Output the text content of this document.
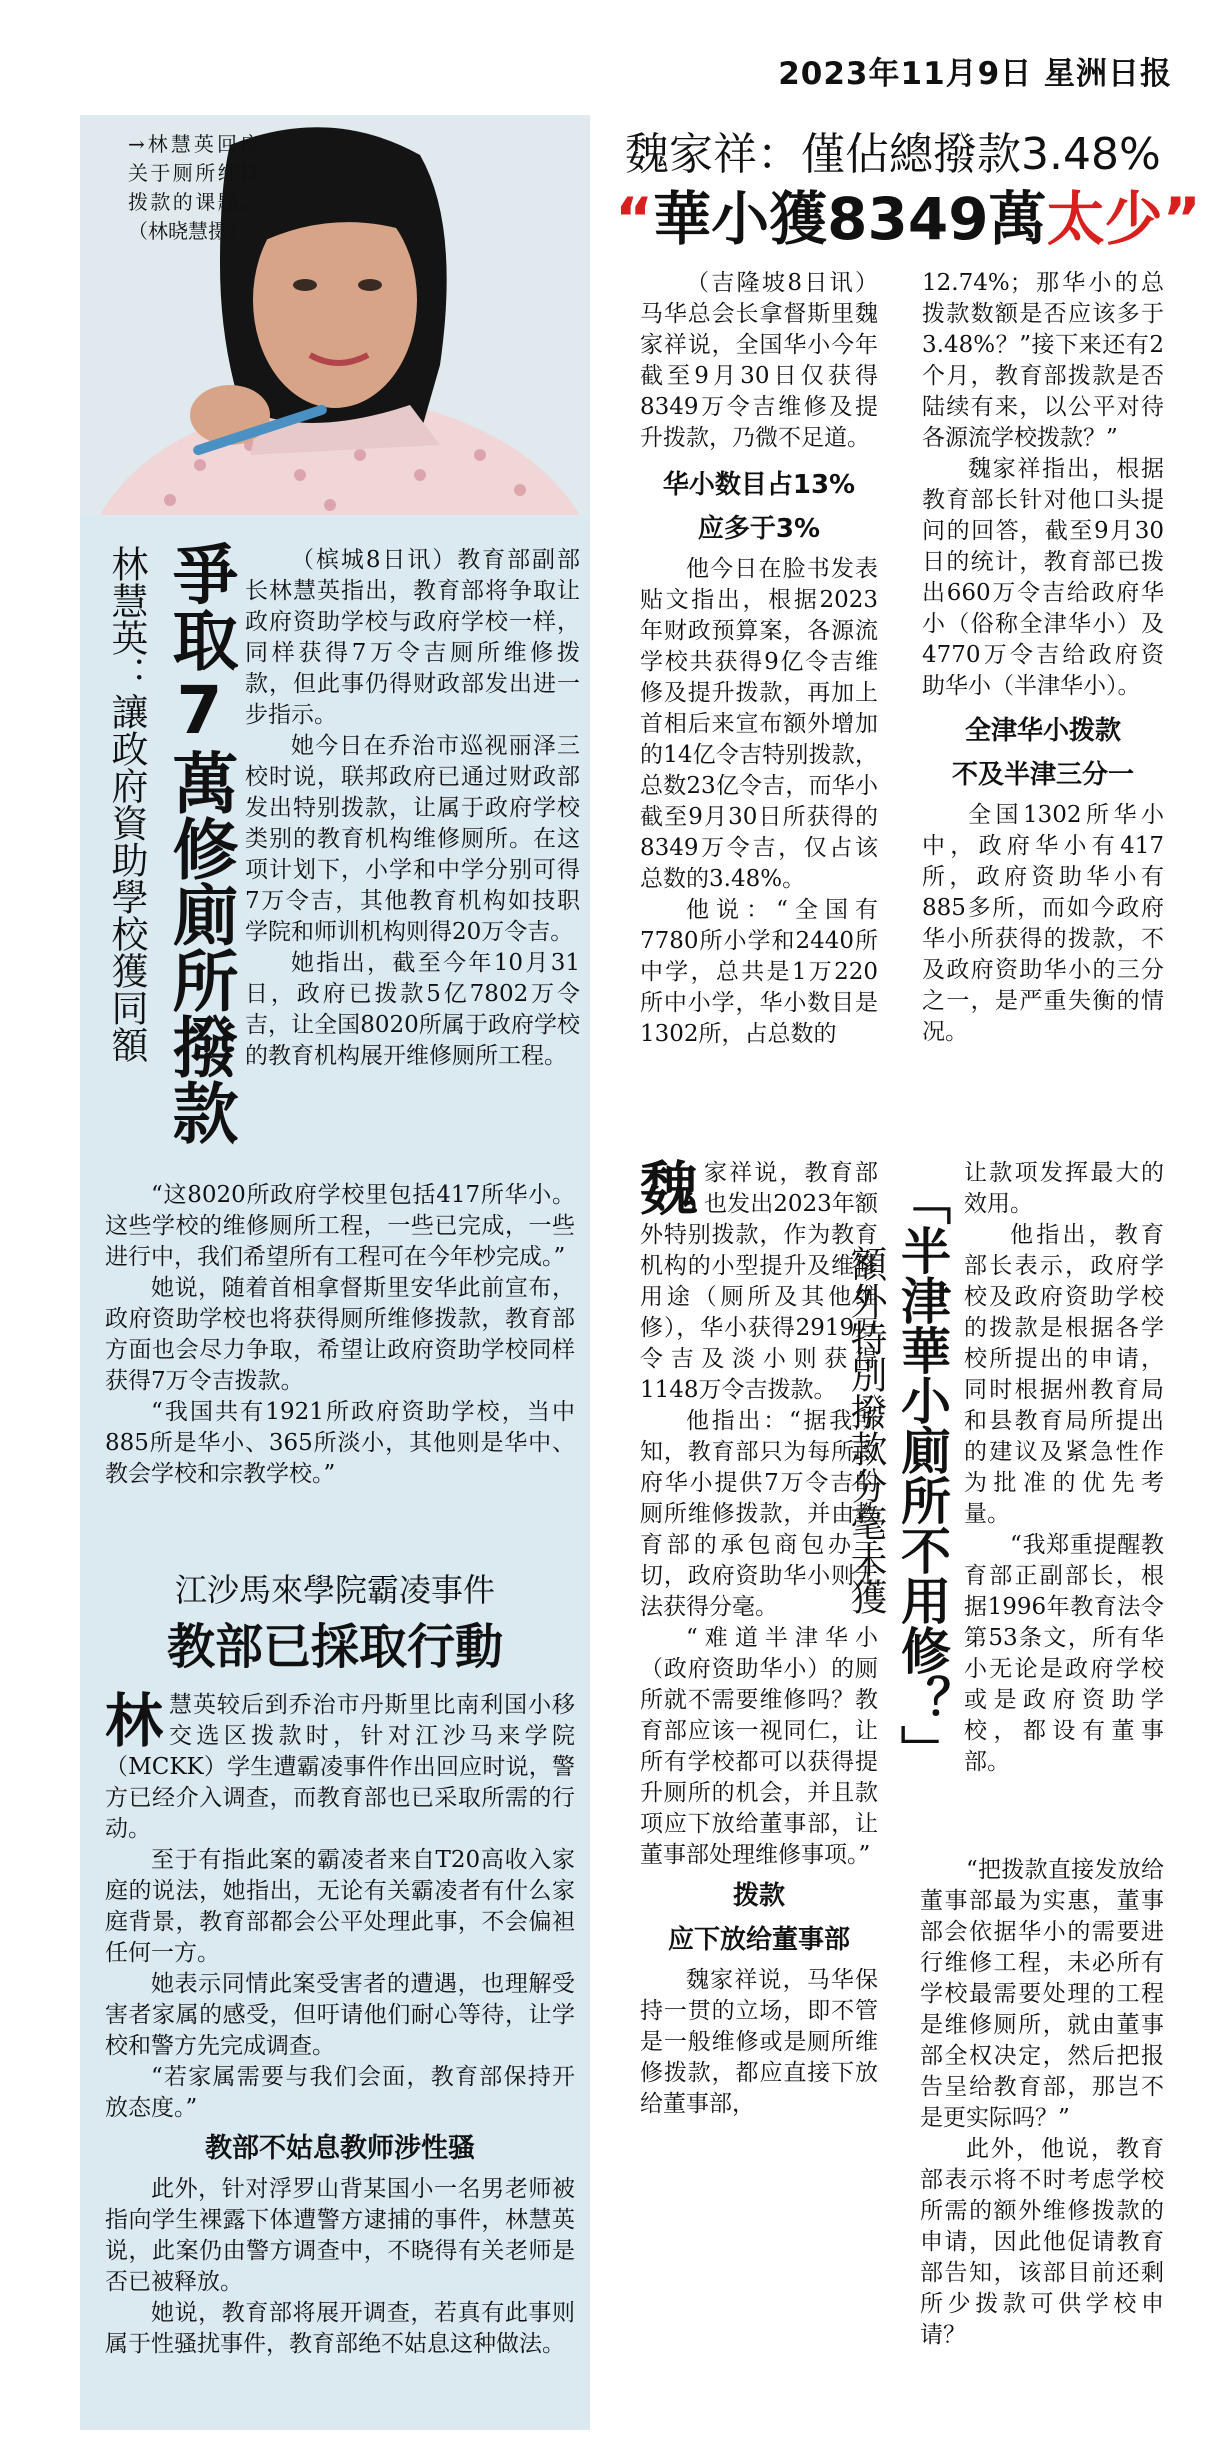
2023年11月9日 星洲日报
→林慧英回应关于厕所维修拨款的课题。（林晓慧摄）
林慧英：讓政府資助學校獲同額 爭取7萬修廁所撥款	（槟城8日讯）教育部副部长林慧英指出，教育部将争取让政府资助学校与政府学校一样，同样获得7万令吉厕所维修拨款，但此事仍得财政部发出进一步指示。

她今日在乔治市巡视丽泽三校时说，联邦政府已通过财政部发出特别拨款，让属于政府学校类别的教育机构维修厕所。在这项计划下，小学和中学分别可得7万令吉，其他教育机构如技职学院和师训机构则得20万令吉。

她指出，截至今年10月31日，政府已拨款5亿7802万令吉，让全国8020所属于政府学校的教育机构展开维修厕所工程。

“这8020所政府学校里包括417所华小。这些学校的维修厕所工程，一些已完成，一些进行中，我们希望所有工程可在今年杪完成。”

她说，随着首相拿督斯里安华此前宣布，政府资助学校也将获得厕所维修拨款，教育部方面也会尽力争取，希望让政府资助学校同样获得7万令吉拨款。

“我国共有1921所政府资助学校，当中885所是华小、365所淡小，其他则是华中、教会学校和宗教学校。”

江沙馬來學院霸凌事件
教部已採取行動

林慧英较后到乔治市丹斯里比南利国小移交选区拨款时，针对江沙马来学院（MCKK）学生遭霸凌事件作出回应时说，警方已经介入调查，而教育部也已采取所需的行动。

至于有指此案的霸凌者来自T20高收入家庭的说法，她指出，无论有关霸凌者有什么家庭背景，教育部都会公平处理此事，不会偏袒任何一方。

她表示同情此案受害者的遭遇，也理解受害者家属的感受，但吁请他们耐心等待，让学校和警方先完成调查。

“若家属需要与我们会面，教育部保持开放态度。”

教部不姑息教师涉性骚

此外，针对浮罗山背某国小一名男老师被指向学生裸露下体遭警方逮捕的事件，林慧英说，此案仍由警方调查中，不晓得有关老师是否已被释放。

她说，教育部将展开调查，若真有此事则属于性骚扰事件，教育部绝不姑息这种做法。

魏家祥：僅佔總撥款3.48%
“華小獲8349萬太少”

（吉隆坡8日讯）马华总会长拿督斯里魏家祥说，全国华小今年截至9月30日仅获得8349万令吉维修及提升拨款，乃微不足道。

华小数目占13%
应多于3%

他今日在脸书发表贴文指出，根据2023年财政预算案，各源流学校共获得9亿令吉维修及提升拨款，再加上首相后来宣布额外增加的14亿令吉特别拨款，总数23亿令吉，而华小截至9月30日所获得的8349万令吉，仅占该总数的3.48%。

他说：“全国有7780所小学和2440所中学，总共是1万220所中小学，华小数目是1302所，占总数的

12.74%；那华小的总拨款数额是否应该多于3.48%？”接下来还有2个月，教育部拨款是否陆续有来，以公平对待各源流学校拨款？”

魏家祥指出，根据教育部长针对他口头提问的回答，截至9月30日的统计，教育部已拨出660万令吉给政府华小（俗称全津华小）及4770万令吉给政府资助华小（半津华小）。

全津华小拨款
不及半津三分一

全国1302所华小中，政府华小有417所，政府资助华小有885多所，而如今政府华小所获得的拨款，不及政府资助华小的三分之一，是严重失衡的情况。

魏家祥说，教育部也发出2023年额外特别拨款，作为教育机构的小型提升及维修用途（厕所及其他维修），华小获得2919万令吉及淡小则获得1148万令吉拨款。

他指出：“据我所知，教育部只为每所政府华小提供7万令吉的厕所维修拨款，并由教育部的承包商包办一切，政府资助华小则无法获得分毫。

“难道半津华小（政府资助华小）的厕所就不需要维修吗？教育部应该一视同仁，让所有学校都可以获得提升厕所的机会，并且款项应下放给董事部，让董事部处理维修事项。”

拨款
应下放给董事部

魏家祥说，马华保持一贯的立场，即不管是一般维修或是厕所维修拨款，都应直接下放给董事部，

額外特別撥款分毫未獲 「半津華小廁所不用修？」

让款项发挥最大的效用。

他指出，教育部长表示，政府学校及政府资助学校的拨款是根据各学校所提出的申请，同时根据州教育局和县教育局所提出的建议及紧急性作为批准的优先考量。

“我郑重提醒教育部正副部长，根据1996年教育法令第53条文，所有华小无论是政府学校或是政府资助学校，都设有董事部。

“把拨款直接发放给董事部最为实惠，董事部会依据华小的需要进行维修工程，未必所有学校最需要处理的工程是维修厕所，就由董事部全权决定，然后把报告呈给教育部，那岂不是更实际吗？”

此外，他说，教育部表示将不时考虑学校所需的额外维修拨款的申请，因此他促请教育部告知，该部目前还剩所少拨款可供学校申请？
